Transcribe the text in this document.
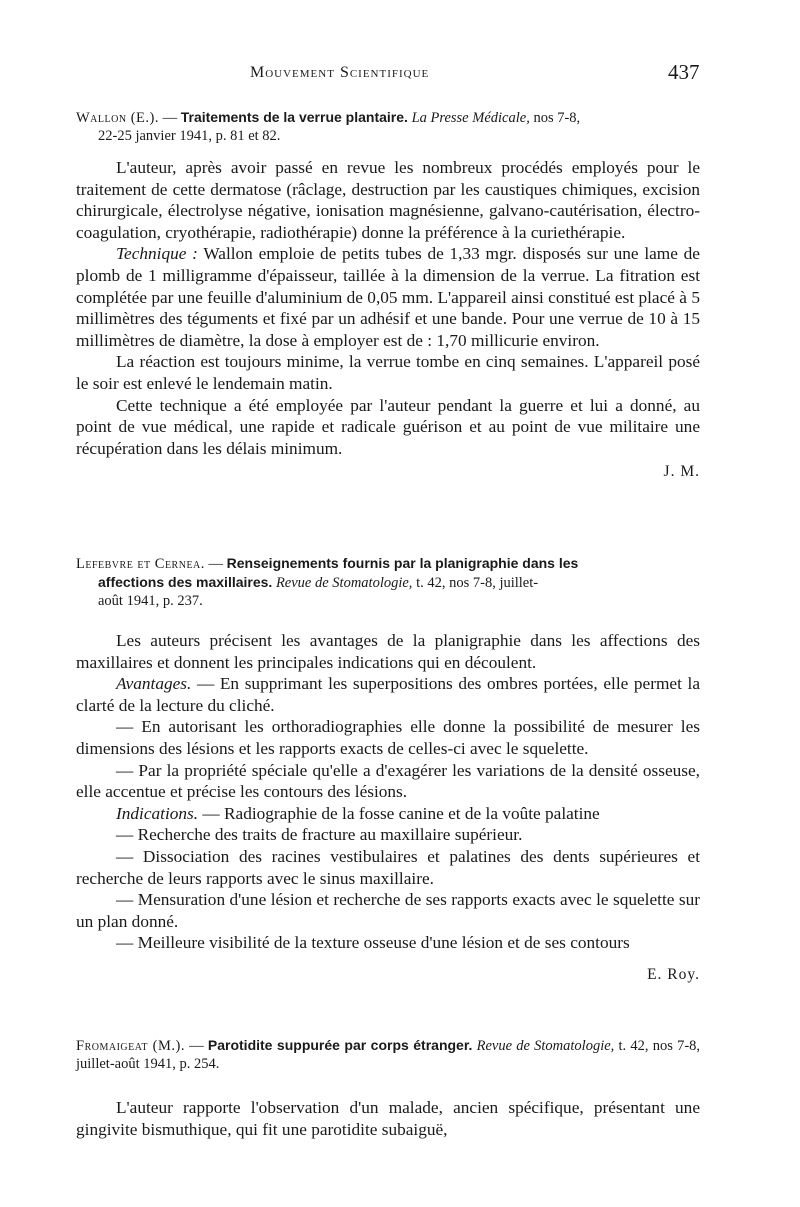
Mouvement Scientifique	437
Wallon (E.). — Traitements de la verrue plantaire. La Presse Médicale, nos 7-8,
22-25 janvier 1941, p. 81 et 82.

L'auteur, après avoir passé en revue les nombreux procédés employés pour le traitement de cette dermatose (râclage, destruction par les caustiques chimiques, excision chirurgicale, électrolyse négative, ionisation magnésienne, galvano-cautérisation, électro-coagulation, cryothérapie, radiothérapie) donne la préférence à la curiethérapie.

Technique : Wallon emploie de petits tubes de 1,33 mgr. disposés sur une lame de plomb de 1 milligramme d'épaisseur, taillée à la dimension de la verrue. La fitration est complétée par une feuille d'aluminium de 0,05 mm. L'appareil ainsi constitué est placé à 5 millimètres des téguments et fixé par un adhésif et une bande. Pour une verrue de 10 à 15 millimètres de diamètre, la dose à employer est de : 1,70 millicurie environ.

La réaction est toujours minime, la verrue tombe en cinq semaines. L'appareil posé le soir est enlevé le lendemain matin.

Cette technique a été employée par l'auteur pendant la guerre et lui a donné, au point de vue médical, une rapide et radicale guérison et au point de vue militaire une récupération dans les délais minimum.

J. M.
Lefebvre et Cernea. — Renseignements fournis par la planigraphie dans les
affections des maxillaires. Revue de Stomatologie, t. 42, nos 7-8, juillet-
août 1941, p. 237.

Les auteurs précisent les avantages de la planigraphie dans les affections des maxillaires et donnent les principales indications qui en découlent.

Avantages. — En supprimant les superpositions des ombres portées, elle permet la clarté de la lecture du cliché.

— En autorisant les orthoradiographies elle donne la possibilité de mesurer les dimensions des lésions et les rapports exacts de celles-ci avec le squelette.

— Par la propriété spéciale qu'elle a d'exagérer les variations de la densité osseuse, elle accentue et précise les contours des lésions.

Indications. — Radiographie de la fosse canine et de la voûte palatine

— Recherche des traits de fracture au maxillaire supérieur.

— Dissociation des racines vestibulaires et palatines des dents supérieures et recherche de leurs rapports avec le sinus maxillaire.

— Mensuration d'une lésion et recherche de ses rapports exacts avec le squelette sur un plan donné.

— Meilleure visibilité de la texture osseuse d'une lésion et de ses contours

E. Roy.
Fromaigeat (M.). — Parotidite suppurée par corps étranger. Revue de Stomatologie, t. 42, nos 7-8, juillet-août 1941, p. 254.

L'auteur rapporte l'observation d'un malade, ancien spécifique, présentant une gingivite bismuthique, qui fit une parotidite subaiguë,
